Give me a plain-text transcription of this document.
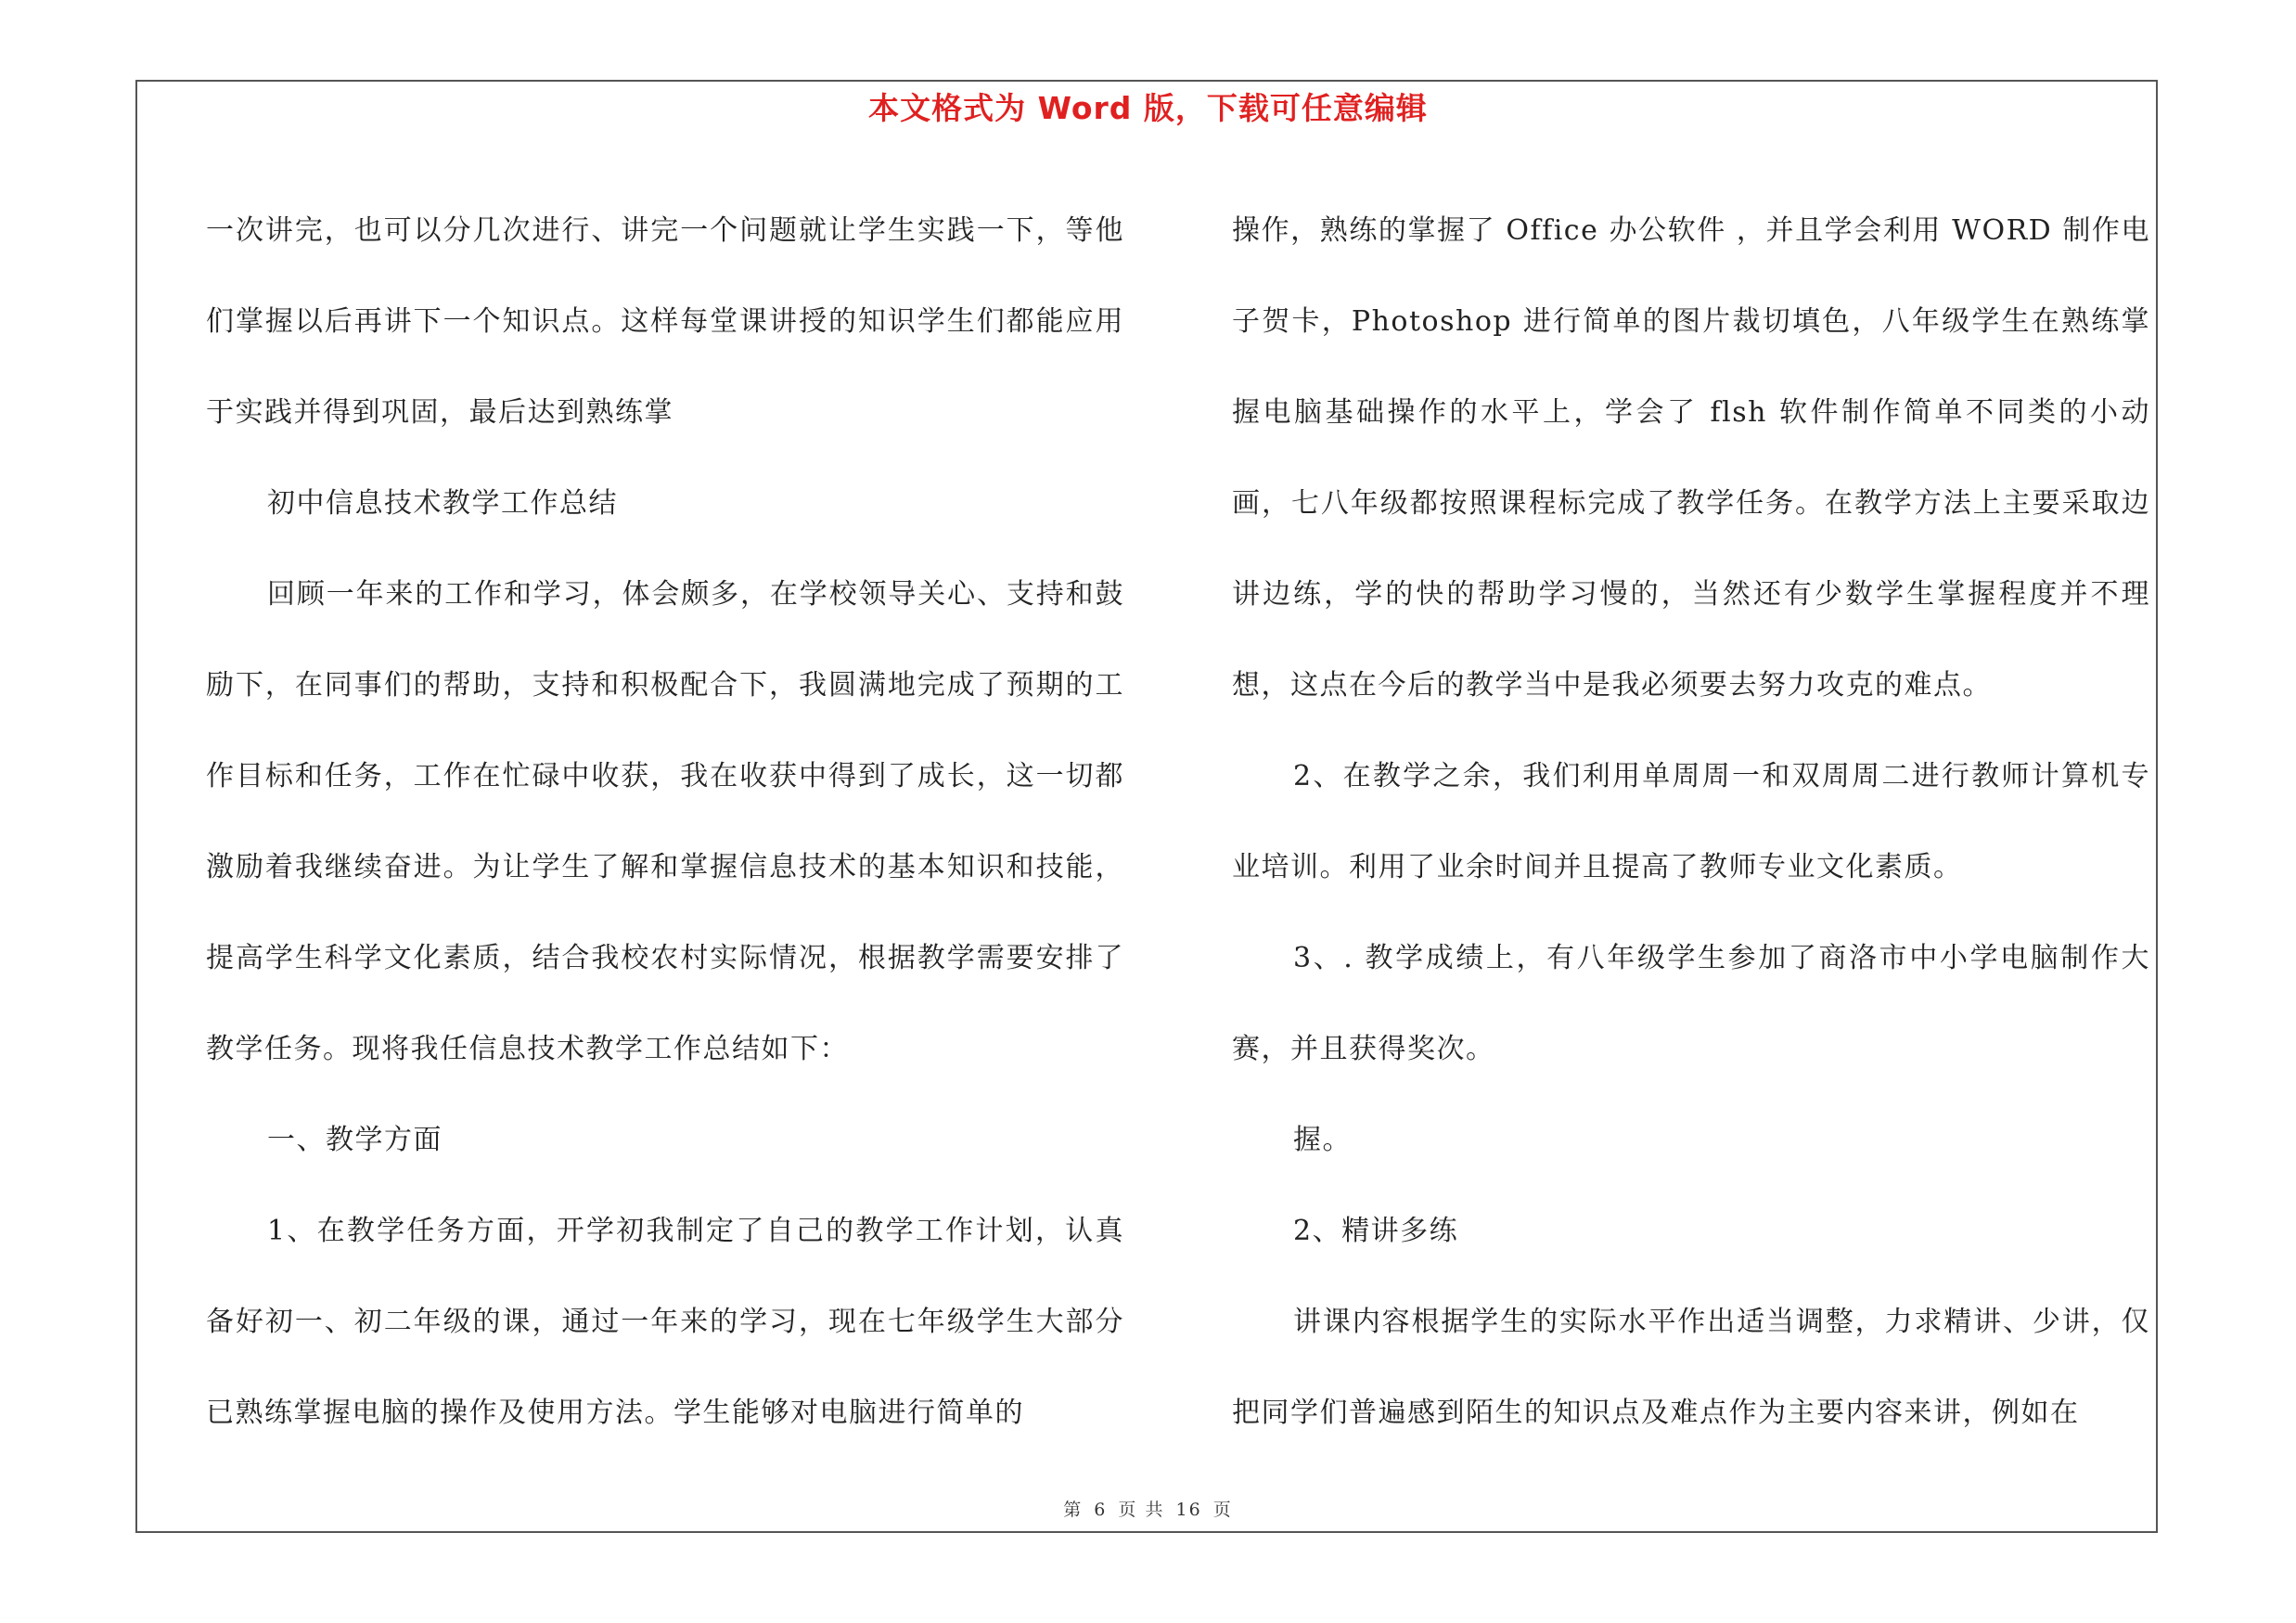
本文格式为 Word 版，下载可任意编辑

一次讲完，也可以分几次进行、讲完一个问题就让学生实践一下，等他们掌握以后再讲下一个知识点。这样每堂课讲授的知识学生们都能应用于实践并得到巩固，最后达到熟练掌

初中信息技术教学工作总结

回顾一年来的工作和学习，体会颇多，在学校领导关心、支持和鼓励下，在同事们的帮助，支持和积极配合下，我圆满地完成了预期的工作目标和任务，工作在忙碌中收获，我在收获中得到了成长，这一切都激励着我继续奋进。为让学生了解和掌握信息技术的基本知识和技能，提高学生科学文化素质，结合我校农村实际情况，根据教学需要安排了教学任务。现将我任信息技术教学工作总结如下：

一、教学方面

1、在教学任务方面，开学初我制定了自己的教学工作计划，认真备好初一、初二年级的课，通过一年来的学习，现在七年级学生大部分已熟练掌握电脑的操作及使用方法。学生能够对电脑进行简单的

操作，熟练的掌握了 Office 办公软件 ，并且学会利用 WORD 制作电子贺卡，Photoshop 进行简单的图片裁切填色，八年级学生在熟练掌握电脑基础操作的水平上，学会了 flsh 软件制作简单不同类的小动画，七八年级都按照课程标完成了教学任务。在教学方法上主要采取边讲边练，学的快的帮助学习慢的，当然还有少数学生掌握程度并不理想，这点在今后的教学当中是我必须要去努力攻克的难点。

2、在教学之余，我们利用单周周一和双周周二进行教师计算机专业培训。利用了业余时间并且提高了教师专业文化素质。

3、. 教学成绩上，有八年级学生参加了商洛市中小学电脑制作大赛，并且获得奖次。

握。

2、精讲多练

讲课内容根据学生的实际水平作出适当调整，力求精讲、少讲，仅把同学们普遍感到陌生的知识点及难点作为主要内容来讲，例如在

第 6 页 共 16 页
